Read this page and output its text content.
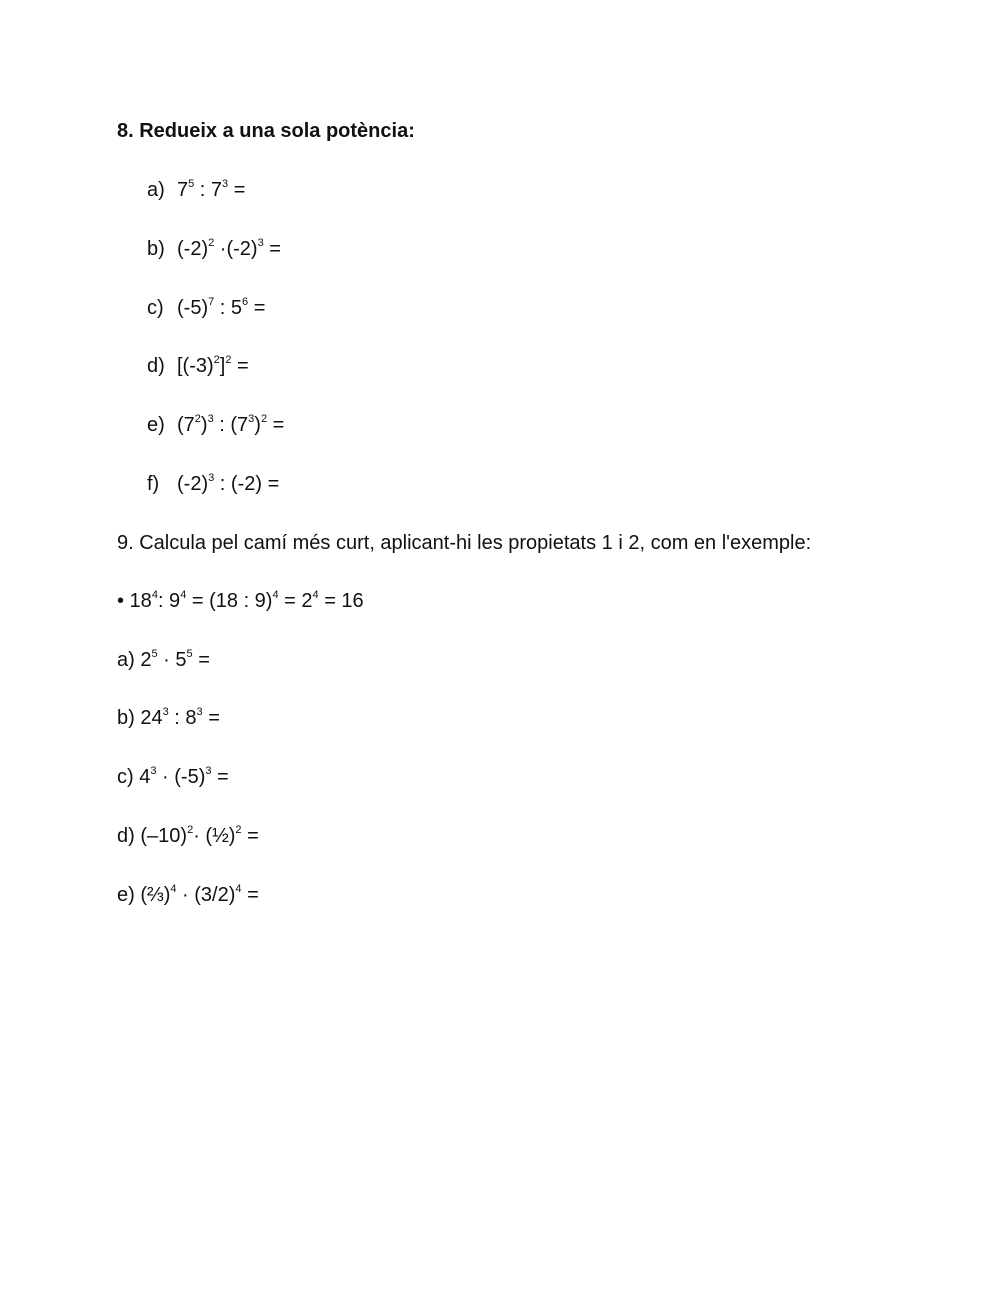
8. Redueix a una sola potència:
a) $7^5$ : $7^3$ =
b) $(-2)^2 \cdot(-2)^3$ =
c) $(-5)^7$ : $5^6$ =
d) $[(-3)^2]^2$ =
e) $(7^2)^3$ : $(7^3)^2$ =
f) $(-2)^3$ : (-2) =
9. Calcula pel camí més curt, aplicant-hi les propietats 1 i 2, com en l'exemple:
• $18^4$: $9^4 = (18$ : $9)^4 = 2^4 = 16$
a) $2^5 \cdot 5^5$ =
b) $24^3$ : $8^3$ =
c) $4^3 \cdot (-5)^3$ =
d) $(-10)^2\cdot$ (½)$^2$ =
e) (⅔)$^4$ · $(3/2)^4$ =
